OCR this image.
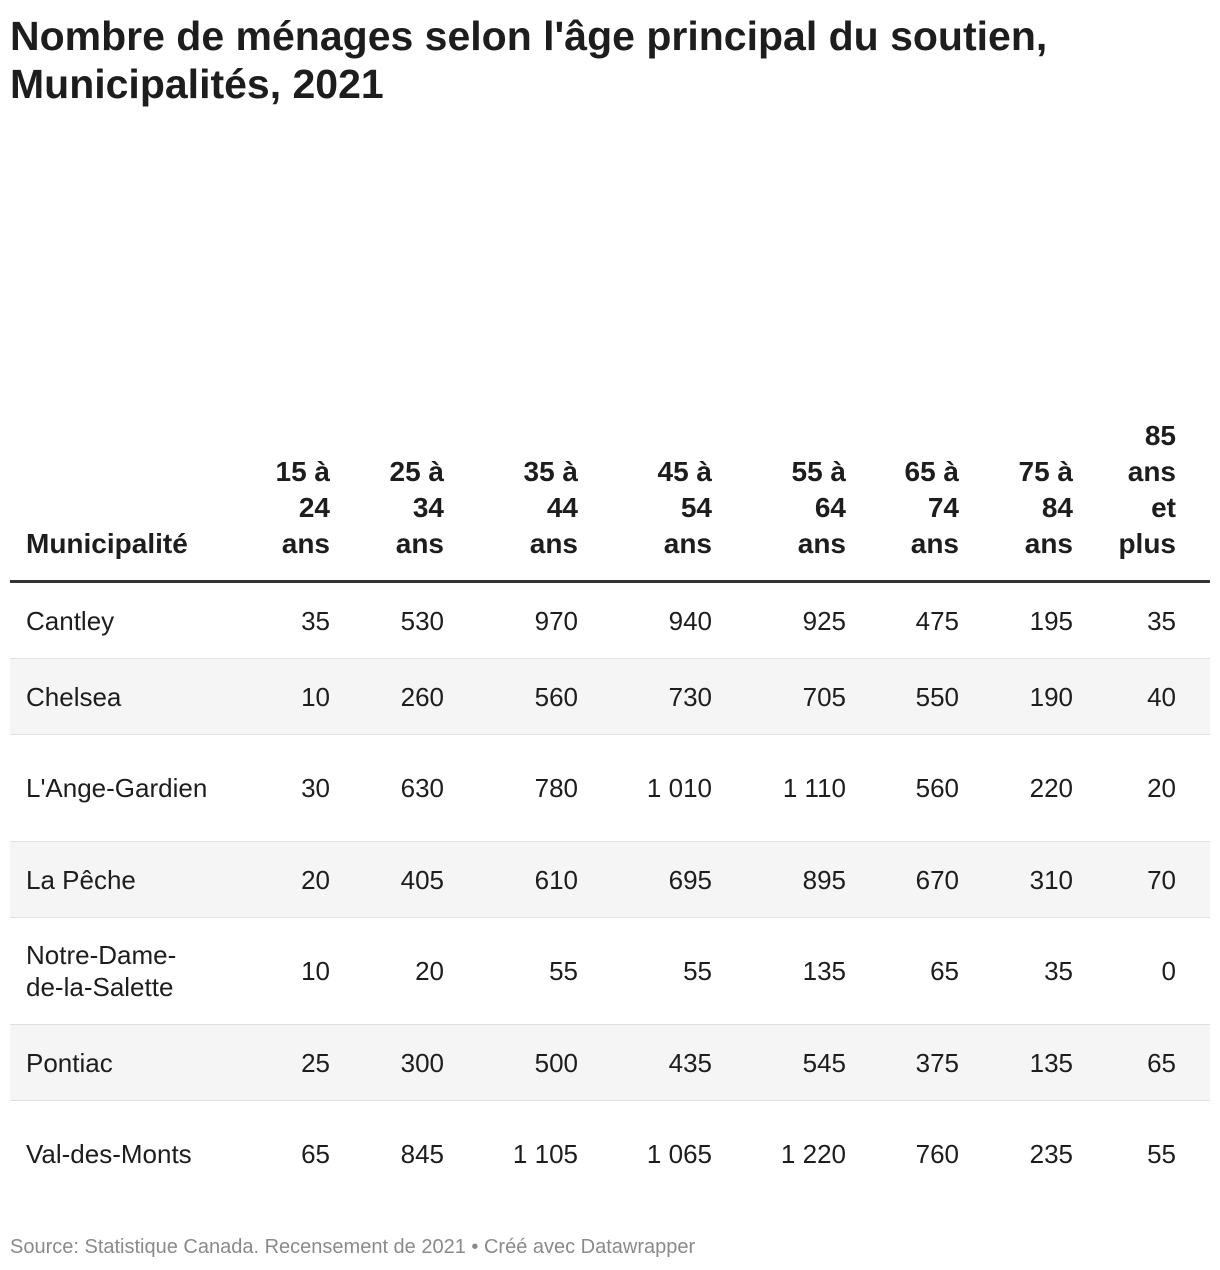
Nombre de ménages selon l'âge principal du soutien, Municipalités, 2021
Municipalité	15 à 24 ans	25 à 34 ans	35 à 44 ans	45 à 54 ans	55 à 64 ans	65 à 74 ans	75 à 84 ans	85 ans et plus
Cantley	35	530	970	940	925	475	195	35
Chelsea	10	260	560	730	705	550	190	40
L'Ange-Gardien	30	630	780	1 010	1 110	560	220	20
La Pêche	20	405	610	695	895	670	310	70
Notre-Dame-de-la-Salette	10	20	55	55	135	65	35	0
Pontiac	25	300	500	435	545	375	135	65
Val-des-Monts	65	845	1 105	1 065	1 220	760	235	55
Source: Statistique Canada. Recensement de 2021 • Créé avec Datawrapper
